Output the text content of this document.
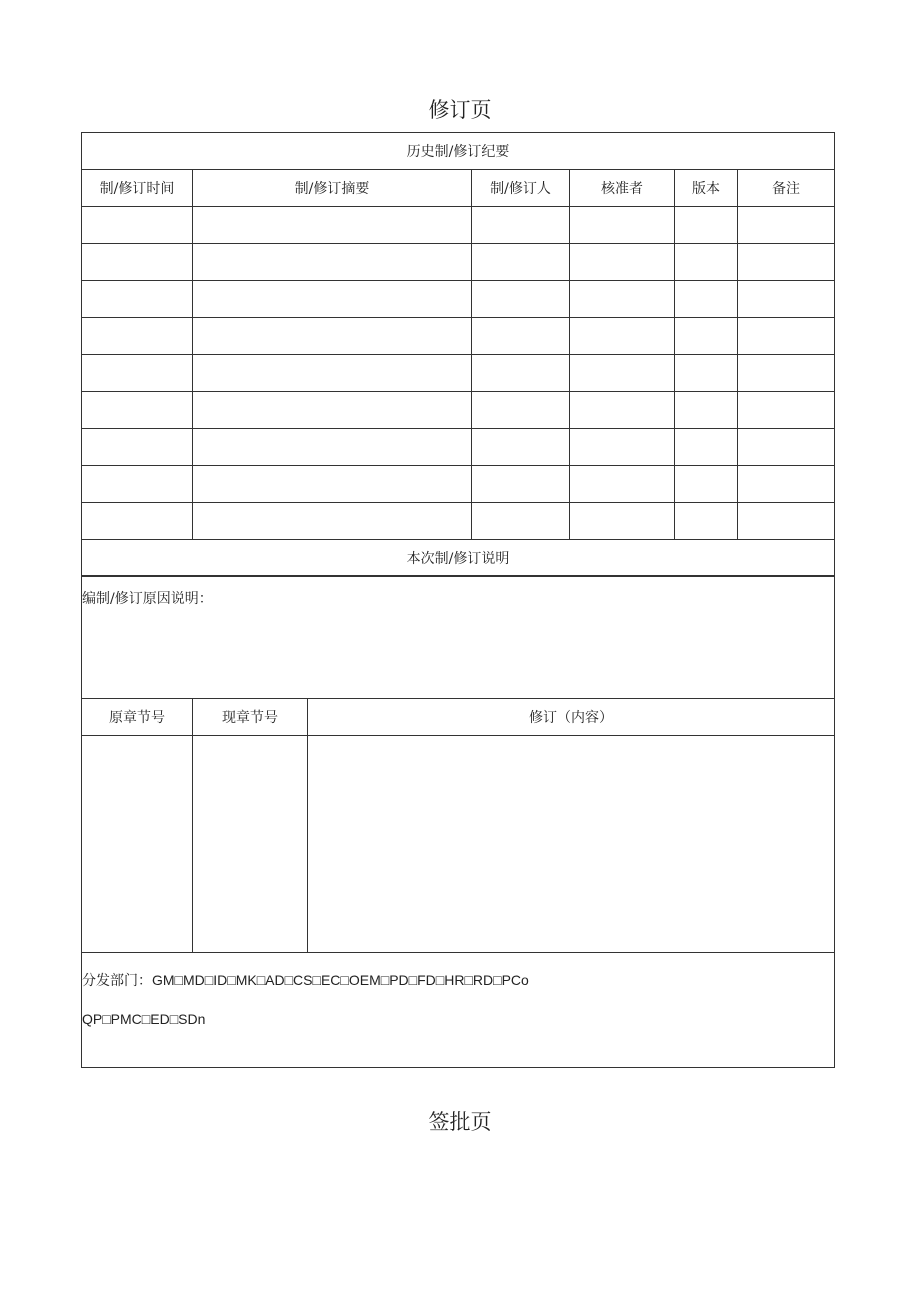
修订页
历史制/修订纪要					
制/修订时间	制/修订摘要	制/修订人	核准者	版本	备注

本次制/修订说明					
编制/修订原因说明：		
原章节号	现章节号	修订（内容）

分发部门：GM□MD□ID□MK□AD□CS□EC□OEM□PD□FD□HR□RD□PCo
QP□PMC□ED□SDn		
签批页
